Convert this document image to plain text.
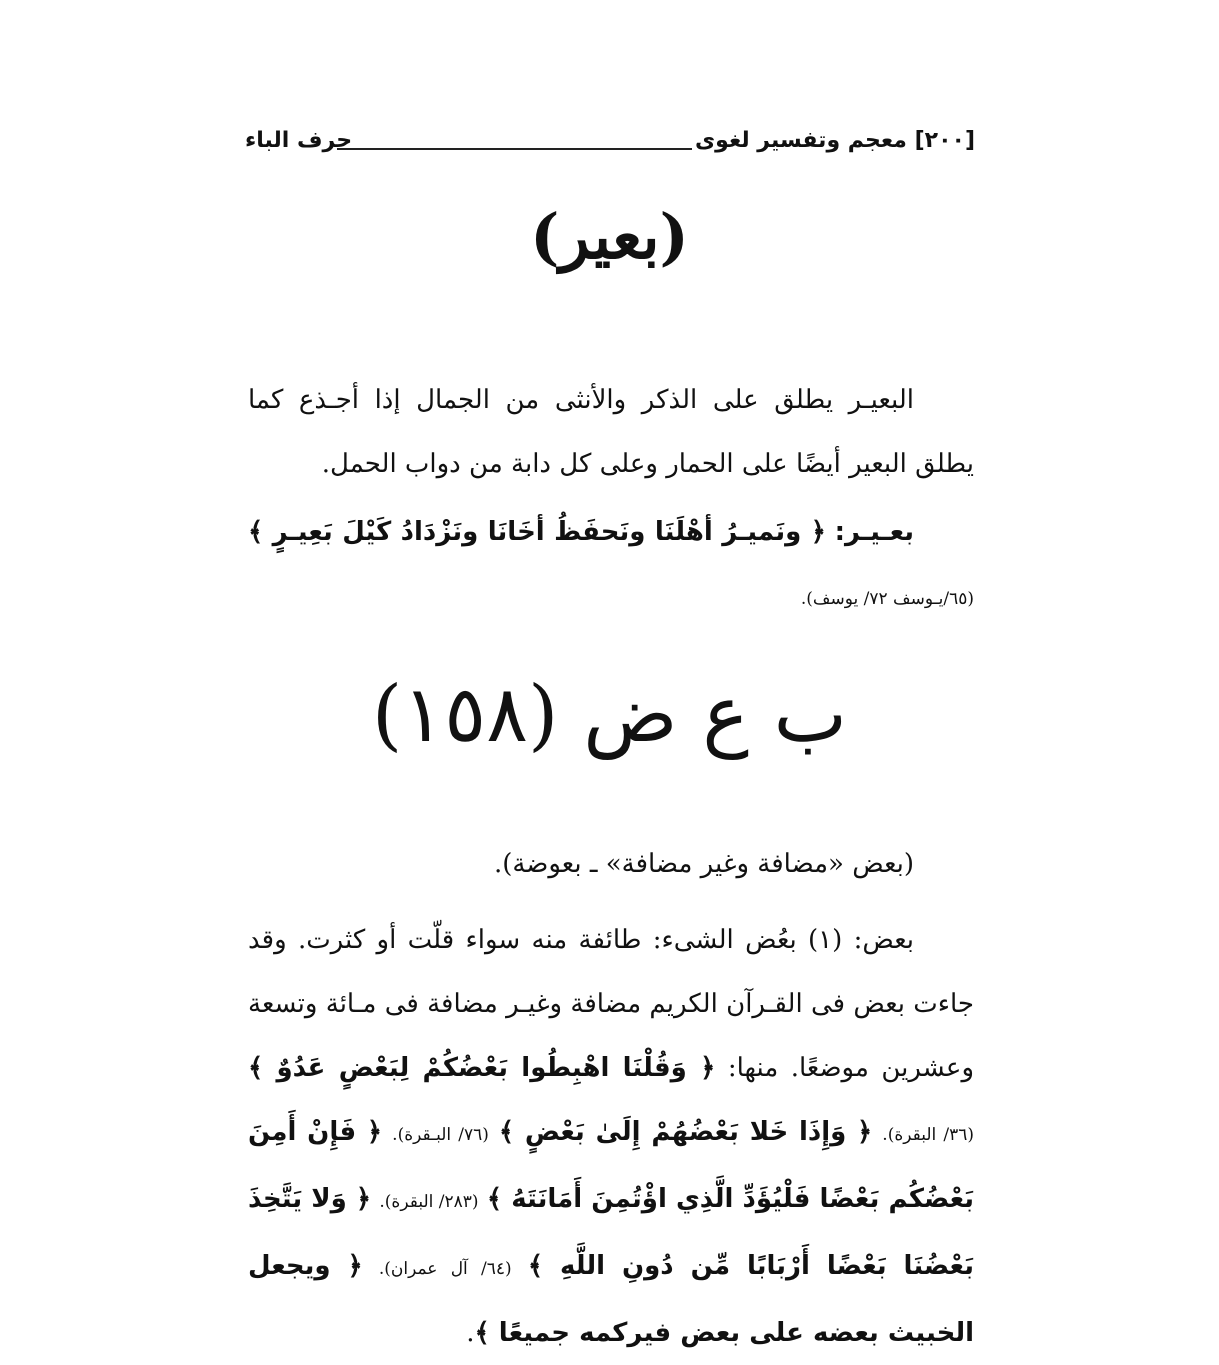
[٢٠٠] معجم وتفسير لغوى
حرف الباء
(بعير)
البعيـر يطلق على الذكر والأنثى من الجمال إذا أجـذع كما يطلق البعير أيضًا على الحمار وعلى كل دابة من دواب الحمل.
بعـيـر: ﴿ ونَميـرُ أهْلَنَا ونَحفَظُ أخَانَا ونَزْدَادُ كَيْلَ بَعِيـرٍ ﴾ (٦٥/يـوسف ٧٢/ يوسف).
ب ع ض (١٥٨)
(بعض «مضافة وغير مضافة» ـ بعوضة).
بعض: (١) بعُض الشىء: طائفة منه سواء قلّت أو كثرت. وقد جاءت بعض فى القـرآن الكريم مضافة وغيـر مضافة فى مـائة وتسعة وعشرين موضعًا. منها: ﴿ وَقُلْنَا اهْبِطُوا بَعْضُكُمْ لِبَعْضٍ عَدُوٌ ﴾ (٣٦/ البقرة). ﴿ وَإِذَا خَلا بَعْضُهُمْ إِلَىٰ بَعْضٍ ﴾ (٧٦/ البـقرة). ﴿ فَإِنْ أَمِنَ بَعْضُكُم بَعْضًا فَلْيُؤَدِّ الَّذِي اؤْتُمِنَ أَمَانَتَهُ ﴾ (٢٨٣/ البقرة). ﴿ وَلا يَتَّخِذَ بَعْضُنَا بَعْضًا أَرْبَابًا مِّن دُونِ اللَّهِ ﴾ (٦٤/ آل عمران). ﴿ ويجعل الخبيث بعضه على بعض فيركمه جميعًا ﴾.
